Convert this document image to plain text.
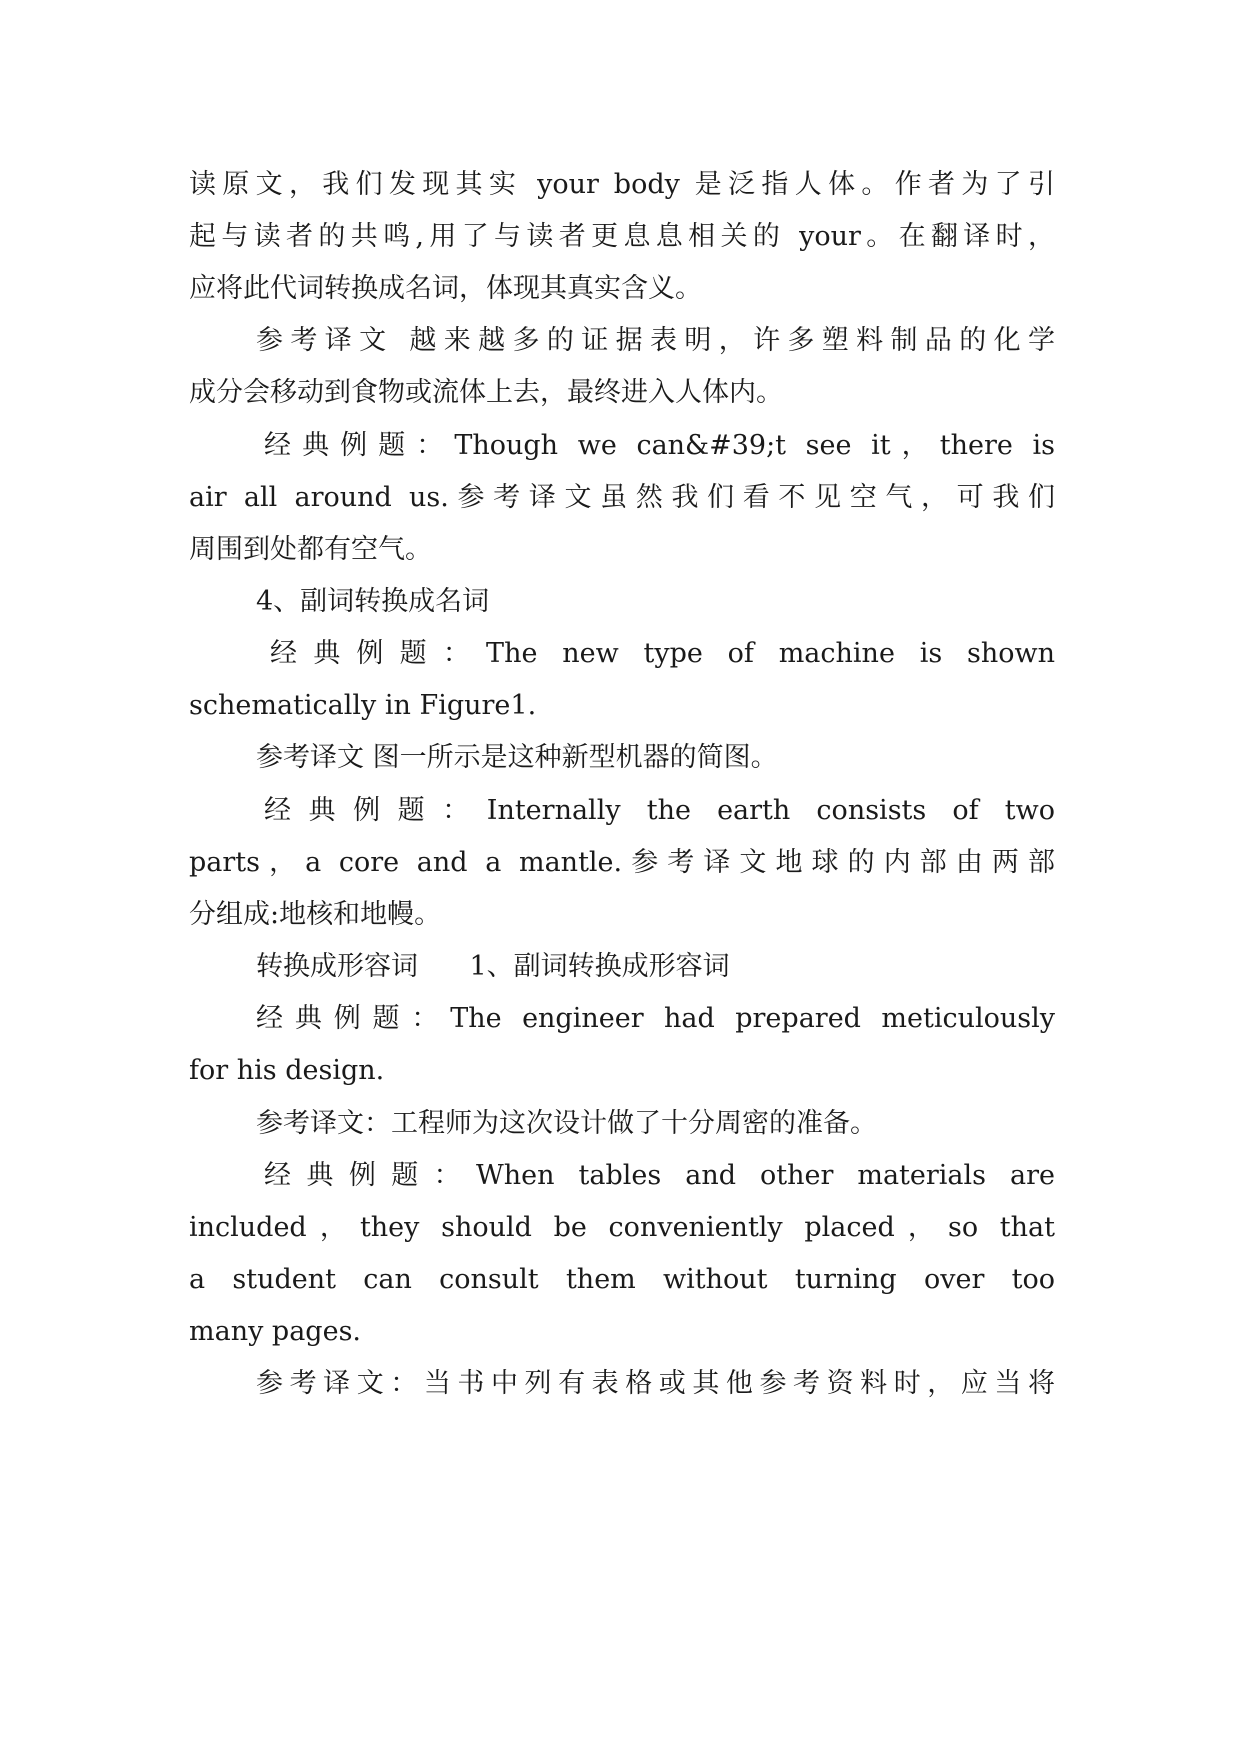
读原文，我们发现其实 your body 是泛指人体。作者为了引
起与读者的共鸣,用了与读者更息息相关的 your。在翻译时，
应将此代词转换成名词，体现其真实含义。
参考译文 越来越多的证据表明，许多塑料制品的化学
成分会移动到食物或流体上去，最终进入人体内。
经典例题：Though we can&#39;t see it，there is
air all around us.参考译文虽然我们看不见空气，可我们
周围到处都有空气。
4、副词转换成名词
经典例题：The new type of machine is shown
schematically in Figure1.
参考译文 图一所示是这种新型机器的简图。
经典例题：Internally the earth consists of two
parts，a core and a mantle.参考译文地球的内部由两部
分组成:地核和地幔。
转换成形容词      1、副词转换成形容词
经典例题：The engineer had prepared meticulously
for his design.
参考译文：工程师为这次设计做了十分周密的准备。
经典例题：When tables and other materials are
included，they should be conveniently placed，so that
a student can consult them without turning over too
many pages.
参考译文：当书中列有表格或其他参考资料时，应当将
